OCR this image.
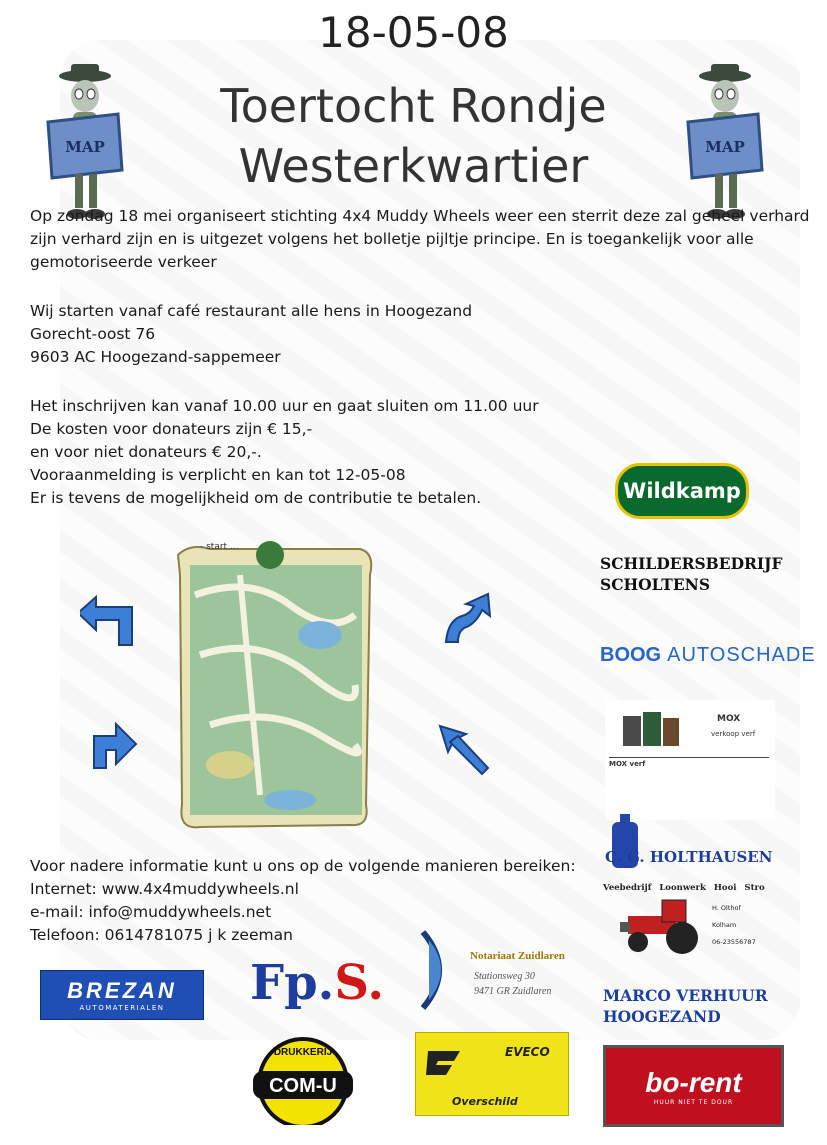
18-05-08
Toertocht Rondje
Westerkwartier
MAP	MAP
Op zondag 18 mei organiseert stichting 4x4 Muddy Wheels weer een sterrit deze zal geheel verhard
zijn verhard zijn en is uitgezet volgens het bolletje pijltje principe. En is toegankelijk voor alle
gemotoriseerde verkeer
Wij starten vanaf café restaurant alle hens in Hoogezand
Gorecht-oost 76
9603 AC Hoogezand-sappemeer
Het inschrijven kan vanaf 10.00 uur en gaat sluiten om 11.00 uur
De kosten voor donateurs zijn € 15,-
en voor niet donateurs € 20,-.
Vooraanmelding is verplicht en kan tot 12-05-08
Er is tevens de mogelijkheid om de contributie te betalen.
- start ...
Voor nadere informatie kunt u ons op de volgende manieren bereiken:
Internet: www.4x4muddywheels.nl
e-mail: info@muddywheels.net
Telefoon: 0614781075 j k zeeman
Wildkamp
SCHILDERSBEDRIJF
SCHOLTENS
BOOG AUTOSCHADE
MOX
verkoop verf
MOX verf
C. G. HOLTHAUSEN
Veebedrijf Loonwerk Hooi Stro
H. Olthof
Kolham
06-23556787
MARCO VERHUUR
HOOGEZAND
BREZAN
AUTOMATERIALEN Fp.S.	Notariaat Zuidlaren
Stationsweg 30
9471 GR Zuidlaren
EVECO
Overschild
COM-U
DRUKKERIJ
bo-rent
HUUR NIET TE DOUR
